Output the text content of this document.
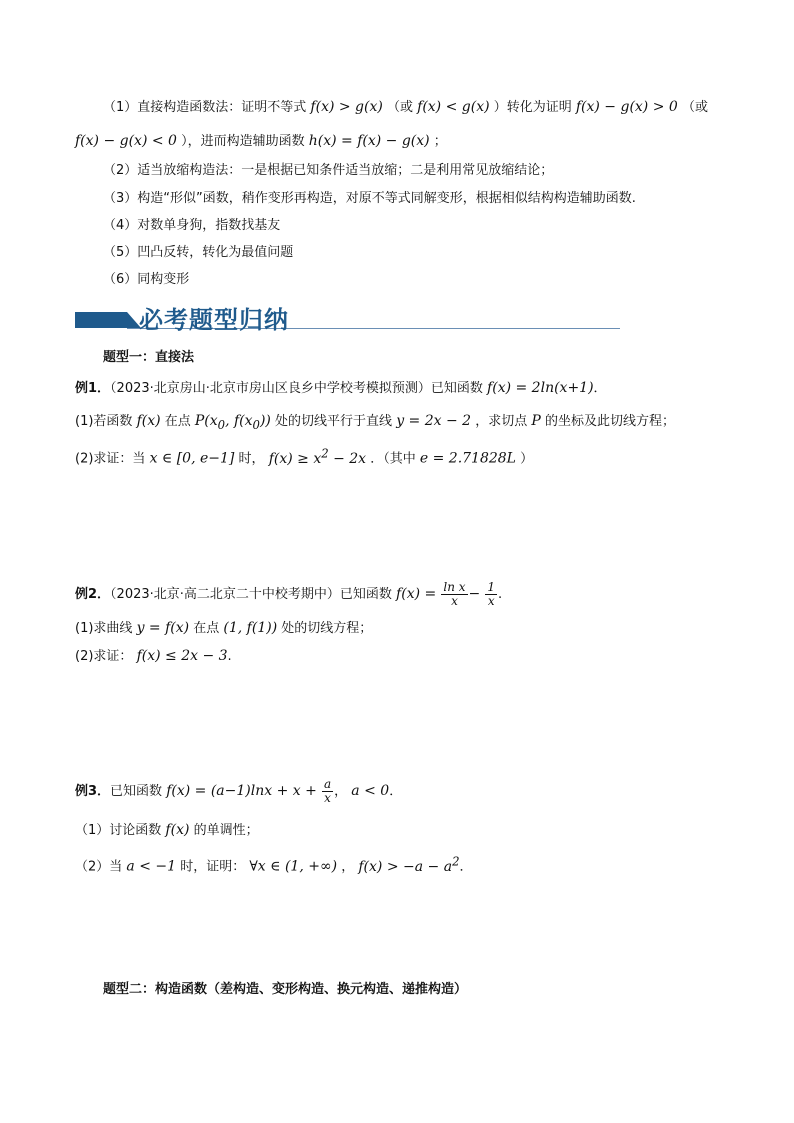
（1）直接构造函数法：证明不等式 f(x) > g(x) （或 f(x) < g(x) ）转化为证明 f(x) − g(x) > 0 （或
f(x) − g(x) < 0 ），进而构造辅助函数 h(x) = f(x) − g(x) ；
（2）适当放缩构造法：一是根据已知条件适当放缩；二是利用常见放缩结论；
（3）构造“形似”函数，稍作变形再构造，对原不等式同解变形，根据相似结构构造辅助函数.
（4）对数单身狗，指数找基友
（5）凹凸反转，转化为最值问题
（6）同构变形
必考题型归纳
题型一：直接法
例1．（2023·北京房山·北京市房山区良乡中学校考模拟预测）已知函数 f(x) = 2ln(x+1)．
(1)若函数 f(x) 在点 $P(x_0$, $f(x_0)$) 处的切线平行于直线 y = 2x − 2 ，求切点 P 的坐标及此切线方程；
(2)求证：当 x ∈ [0, e−1] 时， $f(x) \ge x^2 - 2x$ ．（其中 e = 2.71828L ）
例2．（2023·北京·高二北京二十中校考期中）已知函数 $f(x) = \frac{\text{ln x}}{x} - \frac{1}{x}$ .
(1)求曲线 y = f(x) 在点 (1, f(1)) 处的切线方程；
(2)求证： f(x) ≤ 2x − 3.
例3．已知函数 $f(x) = (a-1)\ln x + x + \frac{a}{x}$ ， a < 0．
（1）讨论函数 f(x) 的单调性；
（2）当 a < −1 时，证明： ∀x ∈ (1, +∞) ， $f(x) > -a - a^2$．
题型二：构造函数（差构造、变形构造、换元构造、递推构造）
